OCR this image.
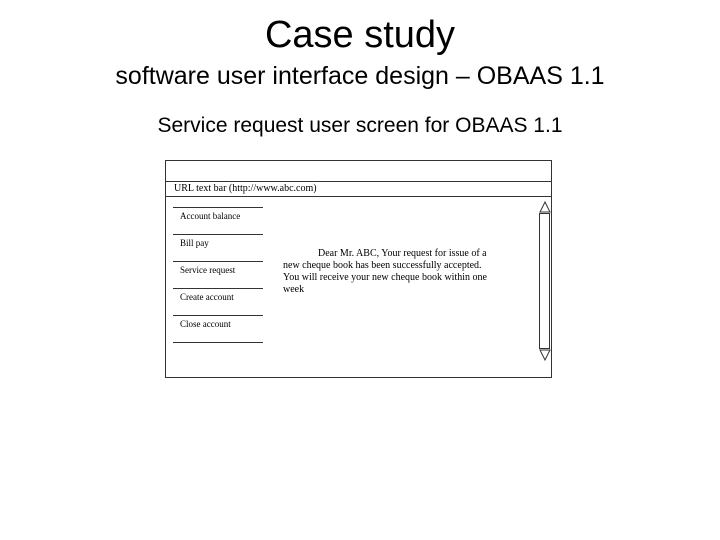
Case study
software user interface design – OBAAS 1.1
Service request user screen for OBAAS 1.1
URL text bar (http://www.abc.com)
Account balance
Bill pay
Service request
Create account
Close account
Dear Mr. ABC, Your request for issue of a
new cheque book has been successfully accepted.
You will receive your new cheque book within one
week
